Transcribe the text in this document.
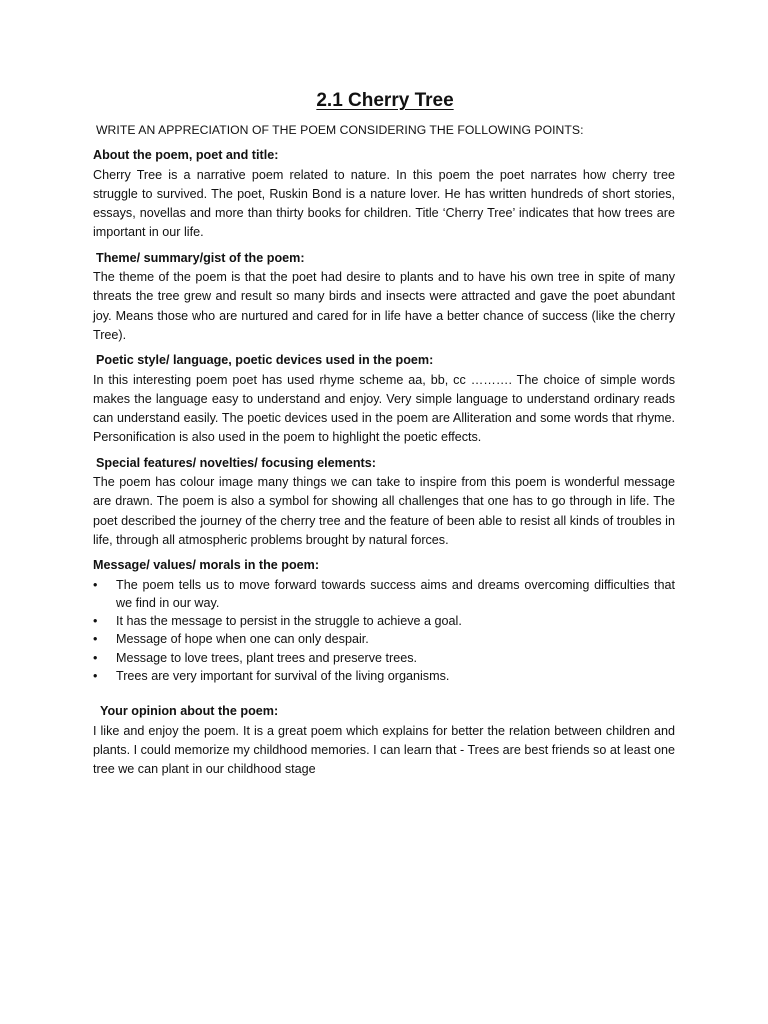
2.1 Cherry Tree
WRITE AN APPRECIATION OF THE POEM CONSIDERING THE FOLLOWING POINTS:
About the poem, poet and title:
Cherry Tree is a narrative poem related to nature. In this poem the poet narrates how cherry tree struggle to survived. The poet, Ruskin Bond is a nature lover. He has written hundreds of short stories, essays, novellas and more than thirty books for children. Title ‘Cherry Tree’ indicates that how trees are important in our life.
Theme/ summary/gist of the poem:
The theme of the poem is that the poet had desire to plants and to have his own tree in spite of many threats the tree grew and result so many birds and insects were attracted and gave the poet abundant joy. Means those who are nurtured and cared for in life have a better chance of success (like the cherry Tree).
Poetic style/ language, poetic devices used in the poem:
In this interesting poem poet has used rhyme scheme aa, bb, cc ………. The choice of simple words makes the language easy to understand and enjoy. Very simple language to understand ordinary reads can understand easily. The poetic devices used in the poem are Alliteration and some words that rhyme. Personification is also used in the poem to highlight the poetic effects.
Special features/ novelties/ focusing elements:
The poem has colour image many things we can take to inspire from this poem is wonderful message are drawn. The poem is also a symbol for showing all challenges that one has to go through in life. The poet described the journey of the cherry tree and the feature of been able to resist all kinds of troubles in life, through all atmospheric problems brought by natural forces.
Message/ values/ morals in the poem:
•	The poem tells us to move forward towards success aims and dreams overcoming difficulties that we find in our way.
•	It has the message to persist in the struggle to achieve a goal.
•	Message of hope when one can only despair.
•	Message to love trees, plant trees and preserve trees.
•	Trees are very important for survival of the living organisms.
Your opinion about the poem:
I like and enjoy the poem. It is a great poem which explains for better the relation between children and plants. I could memorize my childhood memories. I can learn that - Trees are best friends so at least one tree we can plant in our childhood stage
